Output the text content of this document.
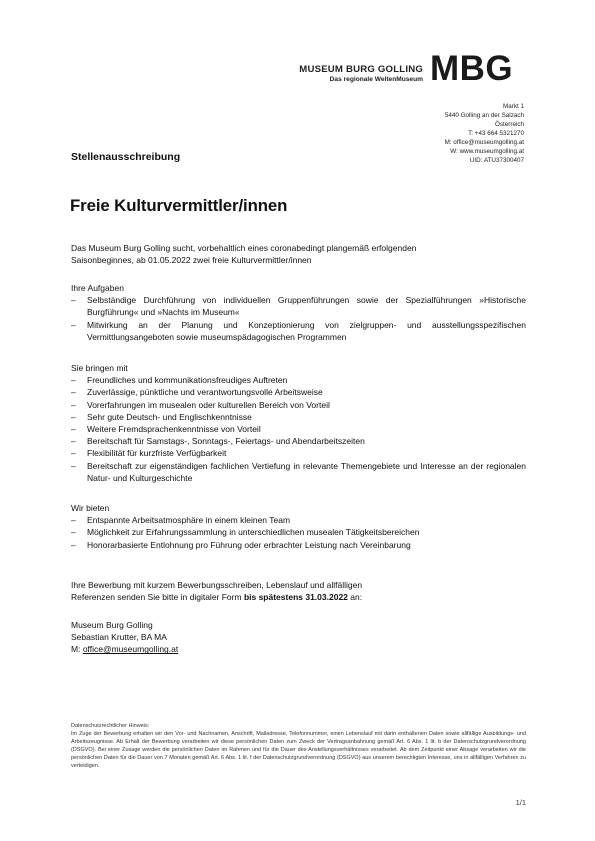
MUSEUM BURG GOLLING
Das regionale WeltenMuseum MBG
Markt 1
5440 Golling an der Salzach
Österreich
T: +43 664 5321270
M: office@museumgolling.at
W: www.museumgolling.at
UID: ATU37300407
Stellenausschreibung
Freie Kulturvermittler/innen
Das Museum Burg Golling sucht, vorbehaltlich eines coronabedingt plangemäß erfolgenden
Saisonbeginnes, ab 01.05.2022 zwei freie Kulturvermittler/innen
Ihre Aufgaben
– Selbständige Durchführung von individuellen Gruppenführungen sowie der Spezialführungen »Historische Burgführung« und »Nachts im Museum«
– Mitwirkung an der Planung und Konzeptionierung von zielgruppen- und ausstellungsspezifischen Vermittlungsangeboten sowie museumspädagogischen Programmen
Sie bringen mit
– Freundliches und kommunikationsfreudiges Auftreten
– Zuverlässige, pünktliche und verantwortungsvolle Arbeitsweise
– Vorerfahrungen im musealen oder kulturellen Bereich von Vorteil
– Sehr gute Deutsch- und Englischkenntnisse
– Weitere Fremdsprachenkenntnisse von Vorteil
– Bereitschaft für Samstags-, Sonntags-, Feiertags- und Abendarbeitszeiten
– Flexibilität für kurzfriste Verfügbarkeit
– Bereitschaft zur eigenständigen fachlichen Vertiefung in relevante Themengebiete und Interesse an der regionalen Natur- und Kulturgeschichte
Wir bieten
– Entspannte Arbeitsatmosphäre in einem kleinen Team
– Möglichkeit zur Erfahrungssammlung in unterschiedlichen musealen Tätigkeitsbereichen
– Honorarbasierte Entlohnung pro Führung oder erbrachter Leistung nach Vereinbarung
Ihre Bewerbung mit kurzem Bewerbungsschreiben, Lebenslauf und allfälligen
Referenzen senden Sie bitte in digitaler Form bis spätestens 31.03.2022 an:
Museum Burg Golling
Sebastian Krutter, BA MA
M: office@museumgolling.at
Datenschutzrechtlicher Hinweis:
Im Zuge der Bewerbung erhalten wir den Vor- und Nachnamen, Anschrift, Mailadresse, Telefonnummer, einen Lebenslauf mit darin enthaltenen Daten sowie allfällige Ausbildungs- und Arbeitszeugnisse. Ab Erhalt der Bewerbung verarbeiten wir diese persönlichen Daten zum Zweck der Vertragsanbahnung gemäß Art. 6 Abs. 1 lit. b der Datenschutzgrundverordnung (DSGVO). Bei einer Zusage werden die persönlichen Daten im Rahmen und für die Dauer des Anstellungsverhältnisses verarbeitet. Ab dem Zeitpunkt einer Absage verarbeiten wir die persönlichen Daten für die Dauer von 7 Monaten gemäß Art. 6 Abs. 1 lit. f der Datenschutzgrundverordnung (DSGVO) aus unserem berechtigten Interesse, uns in allfälligen Verfahren zu verteidigen.
1/1
